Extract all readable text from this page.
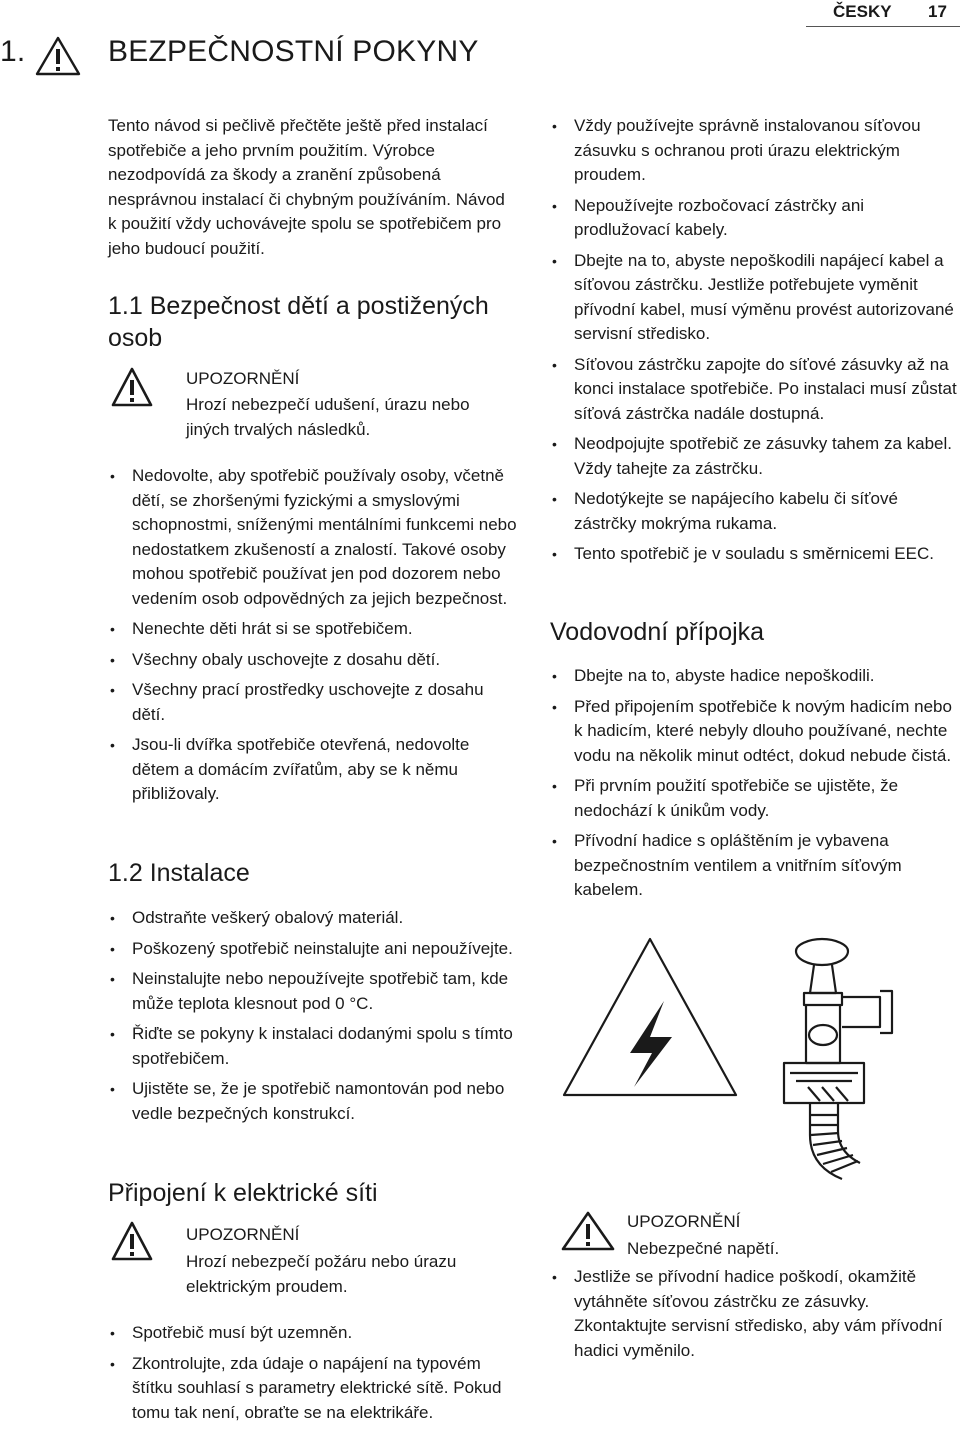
ČESKY 17
1.	BEZPEČNOSTNÍ POKYNY
Tento návod si pečlivě přečtěte ještě před instalací spotřebiče a jeho prvním použitím. Výrobce nezodpovídá za škody a zranění způsobená nesprávnou instalací či chybným používáním. Návod k použití vždy uchovávejte spolu se spotřebičem pro jeho budoucí použití.
1.1 Bezpečnost dětí a postižených osob
UPOZORNĚNÍ
Hrozí nebezpečí udušení, úrazu nebo jiných trvalých následků.
• Nedovolte, aby spotřebič používaly osoby, včetně dětí, se zhoršenými fyzickými a smyslovými schopnostmi, sníženými mentálními funkcemi nebo nedostatkem zkušeností a znalostí. Takové osoby mohou spotřebič používat jen pod dozorem nebo vedením osob odpovědných za jejich bezpečnost.
• Nenechte děti hrát si se spotřebičem.
• Všechny obaly uschovejte z dosahu dětí.
• Všechny prací prostředky uschovejte z dosahu dětí.
• Jsou-li dvířka spotřebiče otevřená, nedovolte dětem a domácím zvířatům, aby se k němu přibližovaly.
1.2 Instalace
• Odstraňte veškerý obalový materiál.
• Poškozený spotřebič neinstalujte ani nepoužívejte.
• Neinstalujte nebo nepoužívejte spotřebič tam, kde může teplota klesnout pod 0 °C.
• Řiďte se pokyny k instalaci dodanými spolu s tímto spotřebičem.
• Ujistěte se, že je spotřebič namontován pod nebo vedle bezpečných konstrukcí.
Připojení k elektrické síti
UPOZORNĚNÍ
Hrozí nebezpečí požáru nebo úrazu elektrickým proudem.
• Spotřebič musí být uzemněn.
• Zkontrolujte, zda údaje o napájení na typovém štítku souhlasí s parametry elektrické sítě. Pokud tomu tak není, obraťte se na elektrikáře.
• Vždy používejte správně instalovanou síťovou zásuvku s ochranou proti úrazu elektrickým proudem.
• Nepoužívejte rozbočovací zástrčky ani prodlužovací kabely.
• Dbejte na to, abyste nepoškodili napájecí kabel a síťovou zástrčku. Jestliže potřebujete vyměnit přívodní kabel, musí výměnu provést autorizované servisní středisko.
• Síťovou zástrčku zapojte do síťové zásuvky až na konci instalace spotřebiče. Po instalaci musí zůstat síťová zástrčka nadále dostupná.
• Neodpojujte spotřebič ze zásuvky tahem za kabel. Vždy tahejte za zástrčku.
• Nedotýkejte se napájecího kabelu či síťové zástrčky mokrýma rukama.
• Tento spotřebič je v souladu s směrnicemi EEC.
Vodovodní přípojka
• Dbejte na to, abyste hadice nepoškodili.
• Před připojením spotřebiče k novým hadicím nebo k hadicím, které nebyly dlouho používané, nechte vodu na několik minut odtéct, dokud nebude čistá.
• Při prvním použití spotřebiče se ujistěte, že nedochází k únikům vody.
• Přívodní hadice s opláštěním je vybavena bezpečnostním ventilem a vnitřním síťovým kabelem.
UPOZORNĚNÍ
Nebezpečné napětí.
• Jestliže se přívodní hadice poškodí, okamžitě vytáhněte síťovou zástrčku ze zásuvky. Zkontaktujte servisní středisko, aby vám přívodní hadici vyměnilo.
